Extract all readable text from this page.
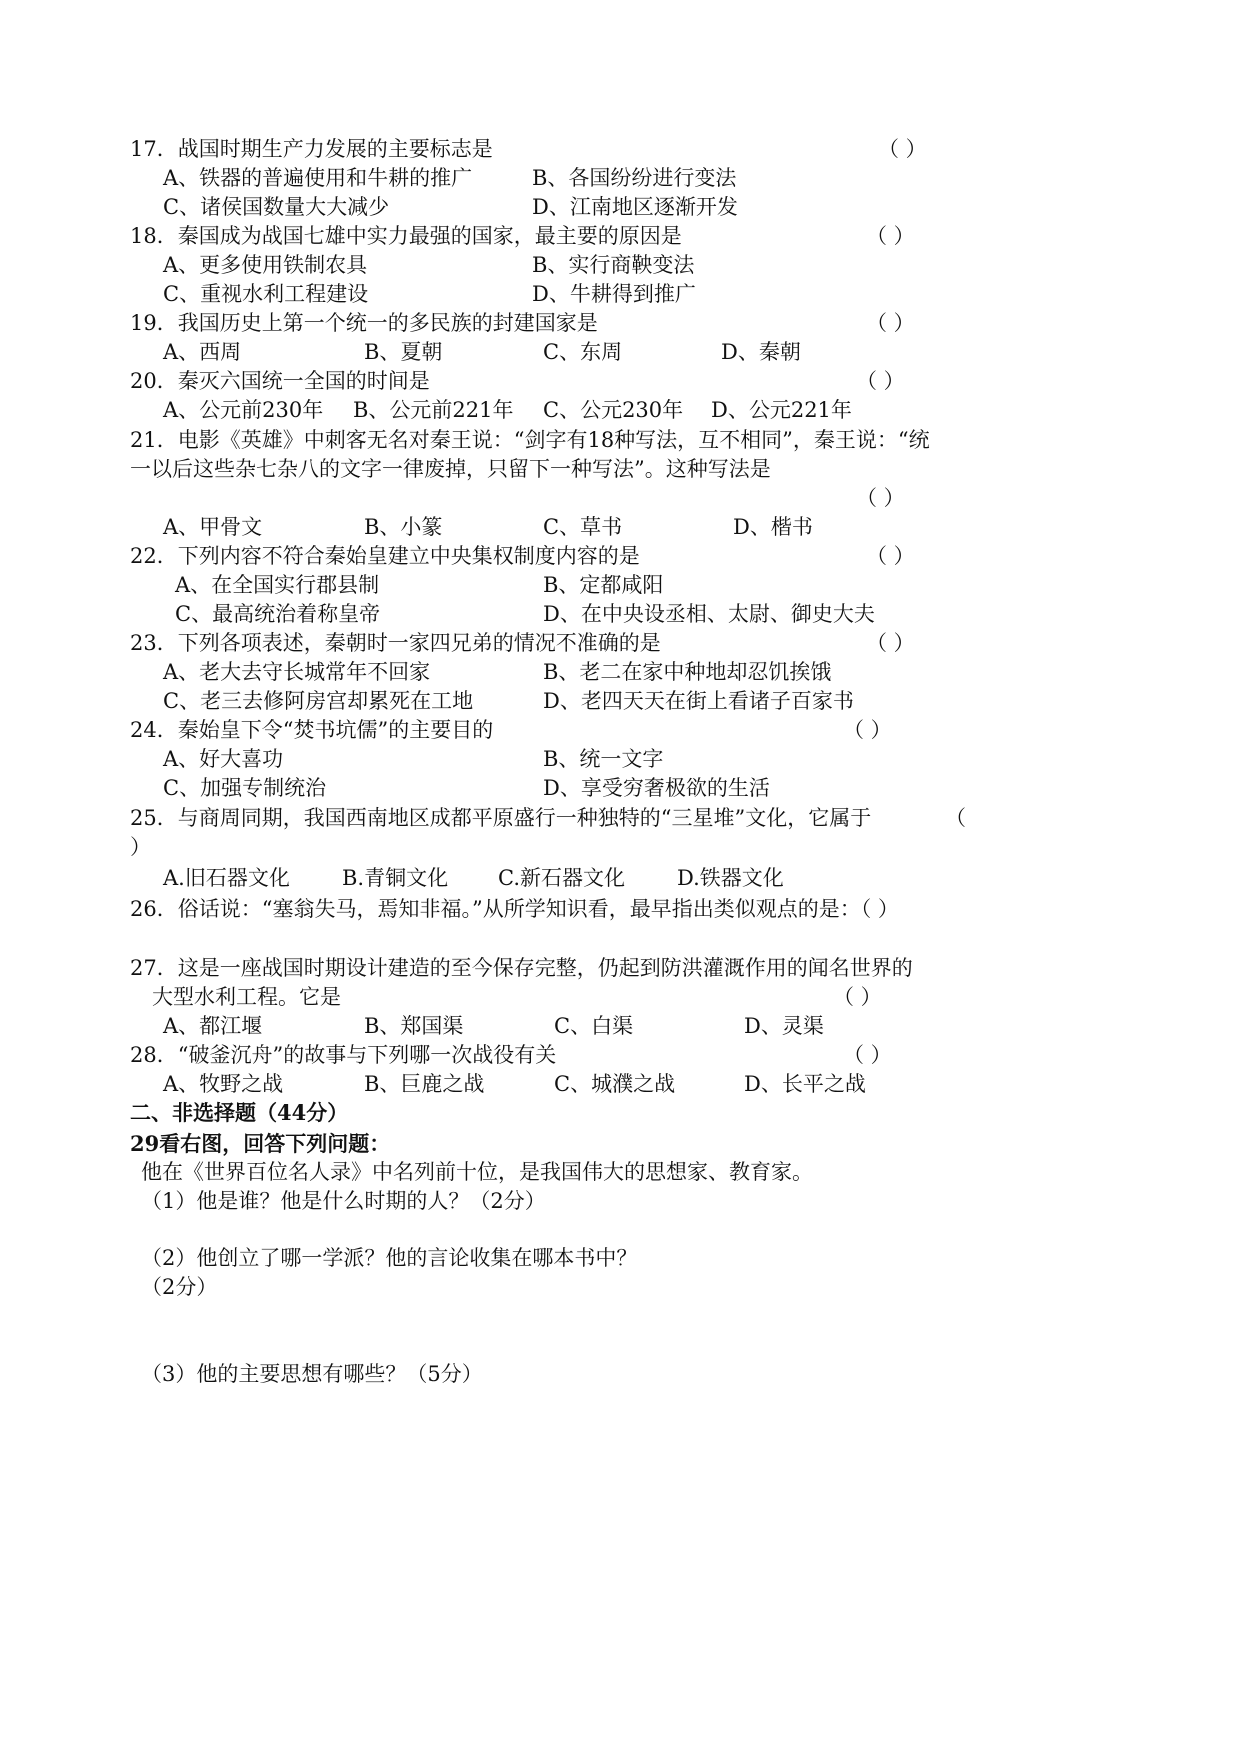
17．战国时期生产力发展的主要标志是	（ ）
A、铁器的普遍使用和牛耕的推广	B、各国纷纷进行变法
C、诸侯国数量大大减少	D、江南地区逐渐开发
18．秦国成为战国七雄中实力最强的国家，最主要的原因是	（ ）
A、更多使用铁制农具	B、实行商鞅变法
C、重视水利工程建设	D、牛耕得到推广
19．我国历史上第一个统一的多民族的封建国家是	（ ）
A、西周	B、夏朝	C、东周	D、秦朝
20．秦灭六国统一全国的时间是	（ ）
A、公元前230年 B、公元前221年 C、公元230年 D、公元221年
21．电影《英雄》中刺客无名对秦王说：“剑字有18种写法，互不相同”，秦王说：“统
一以后这些杂七杂八的文字一律废掉，只留下一种写法”。这种写法是
（ ）
A、甲骨文	B、小篆	C、草书	D、楷书
22．下列内容不符合秦始皇建立中央集权制度内容的是	（ ）
A、在全国实行郡县制	B、定都咸阳
C、最高统治着称皇帝	D、在中央设丞相、太尉、御史大夫
23．下列各项表述，秦朝时一家四兄弟的情况不准确的是	（ ）
A、老大去守长城常年不回家	B、老二在家中种地却忍饥挨饿
C、老三去修阿房宫却累死在工地	D、老四天天在街上看诸子百家书
24．秦始皇下令“焚书坑儒”的主要目的	（ ）
A、好大喜功	B、统一文字
C、加强专制统治	D、享受穷奢极欲的生活
25．与商周同期，我国西南地区成都平原盛行一种独特的“三星堆”文化，它属于	（
）
A.旧石器文化 B.青铜文化 C.新石器文化 D.铁器文化
26．俗话说：“塞翁失马，焉知非福。”从所学知识看，最早指出类似观点的是：（ ）
27．这是一座战国时期设计建造的至今保存完整，仍起到防洪灌溉作用的闻名世界的
大型水利工程。它是	（ ）
A、都江堰	B、郑国渠	C、白渠	D、灵渠
28．“破釜沉舟”的故事与下列哪一次战役有关	（ ）
A、牧野之战	B、巨鹿之战	C、城濮之战	D、长平之战
二、非选择题（44分）
29看右图，回答下列问题：
他在《世界百位名人录》中名列前十位，是我国伟大的思想家、教育家。
（1）他是谁？他是什么时期的人？（2分）
（2）他创立了哪一学派？他的言论收集在哪本书中？
（2分）
（3）他的主要思想有哪些？（5分）
